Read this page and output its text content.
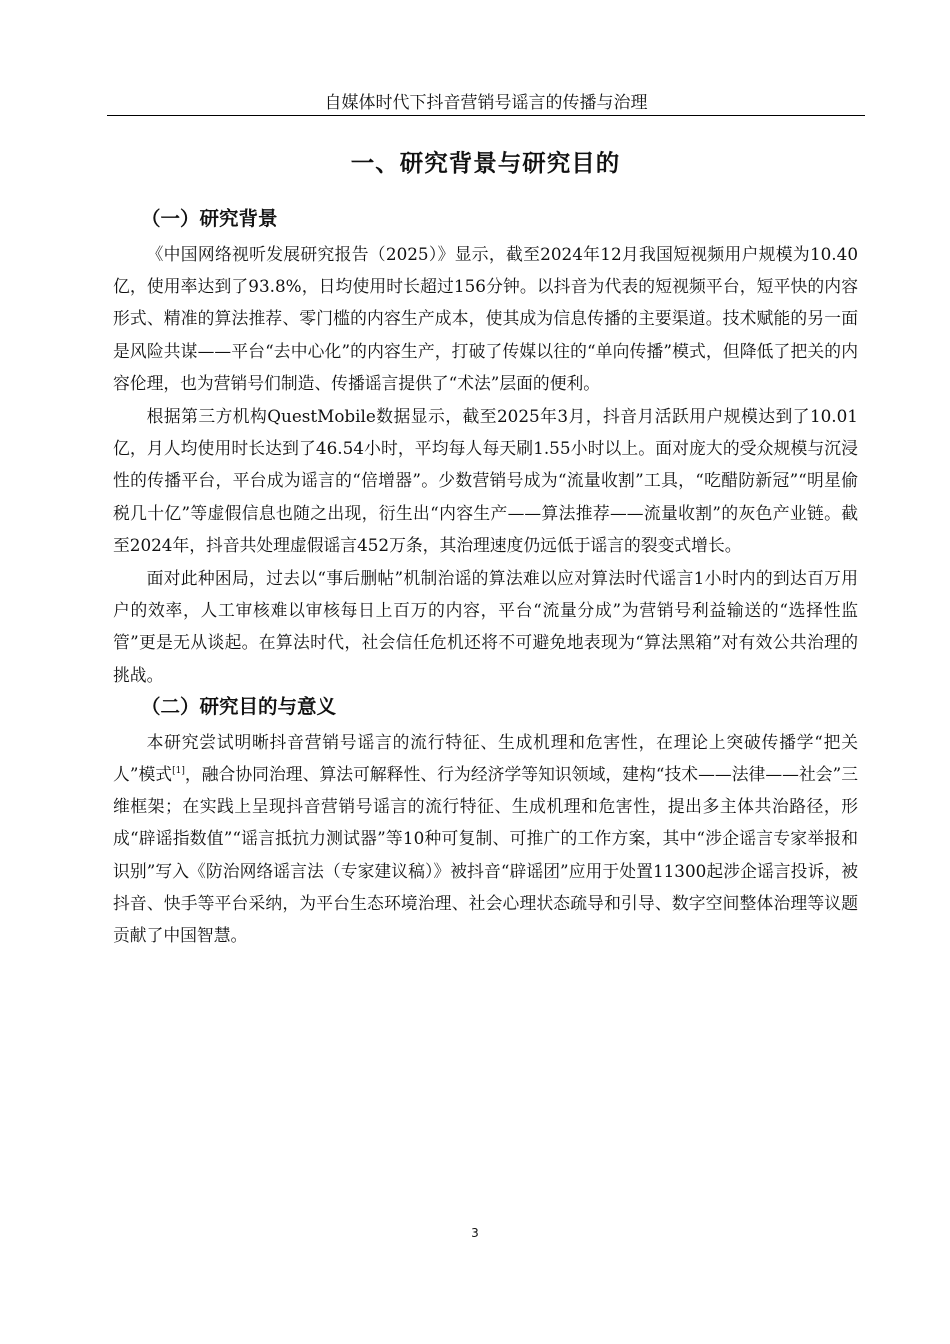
自媒体时代下抖音营销号谣言的传播与治理
一、研究背景与研究目的
（一）研究背景

《中国网络视听发展研究报告（2025）》显示，截至2024年12月我国短视频用户规模为10.40亿，使用率达到了93.8%，日均使用时长超过156分钟。以抖音为代表的短视频平台，短平快的内容形式、精准的算法推荐、零门槛的内容生产成本，使其成为信息传播的主要渠道。技术赋能的另一面是风险共谋——平台“去中心化”的内容生产，打破了传媒以往的“单向传播”模式，但降低了把关的内容伦理，也为营销号们制造、传播谣言提供了“术法”层面的便利。

根据第三方机构QuestMobile数据显示，截至2025年3月，抖音月活跃用户规模达到了10.01亿，月人均使用时长达到了46.54小时，平均每人每天刷1.55小时以上。面对庞大的受众规模与沉浸性的传播平台，平台成为谣言的“倍增器”。少数营销号成为“流量收割”工具，“吃醋防新冠”“明星偷税几十亿”等虚假信息也随之出现，衍生出“内容生产——算法推荐——流量收割”的灰色产业链。截至2024年，抖音共处理虚假谣言452万条，其治理速度仍远低于谣言的裂变式增长。

面对此种困局，过去以“事后删帖”机制治谣的算法难以应对算法时代谣言1小时内的到达百万用户的效率，人工审核难以审核每日上百万的内容，平台“流量分成”为营销号利益输送的“选择性监管”更是无从谈起。在算法时代，社会信任危机还将不可避免地表现为“算法黑箱”对有效公共治理的挑战。

（二）研究目的与意义

本研究尝试明晰抖音营销号谣言的流行特征、生成机理和危害性，在理论上突破传播学“把关人”模式[1]，融合协同治理、算法可解释性、行为经济学等知识领域，建构“技术——法律——社会”三维框架；在实践上呈现抖音营销号谣言的流行特征、生成机理和危害性，提出多主体共治路径，形成“辟谣指数值”“谣言抵抗力测试器”等10种可复制、可推广的工作方案，其中“涉企谣言专家举报和识别”写入《防治网络谣言法（专家建议稿）》被抖音“辟谣团”应用于处置11300起涉企谣言投诉，被抖音、快手等平台采纳，为平台生态环境治理、社会心理状态疏导和引导、数字空间整体治理等议题贡献了中国智慧。

3
